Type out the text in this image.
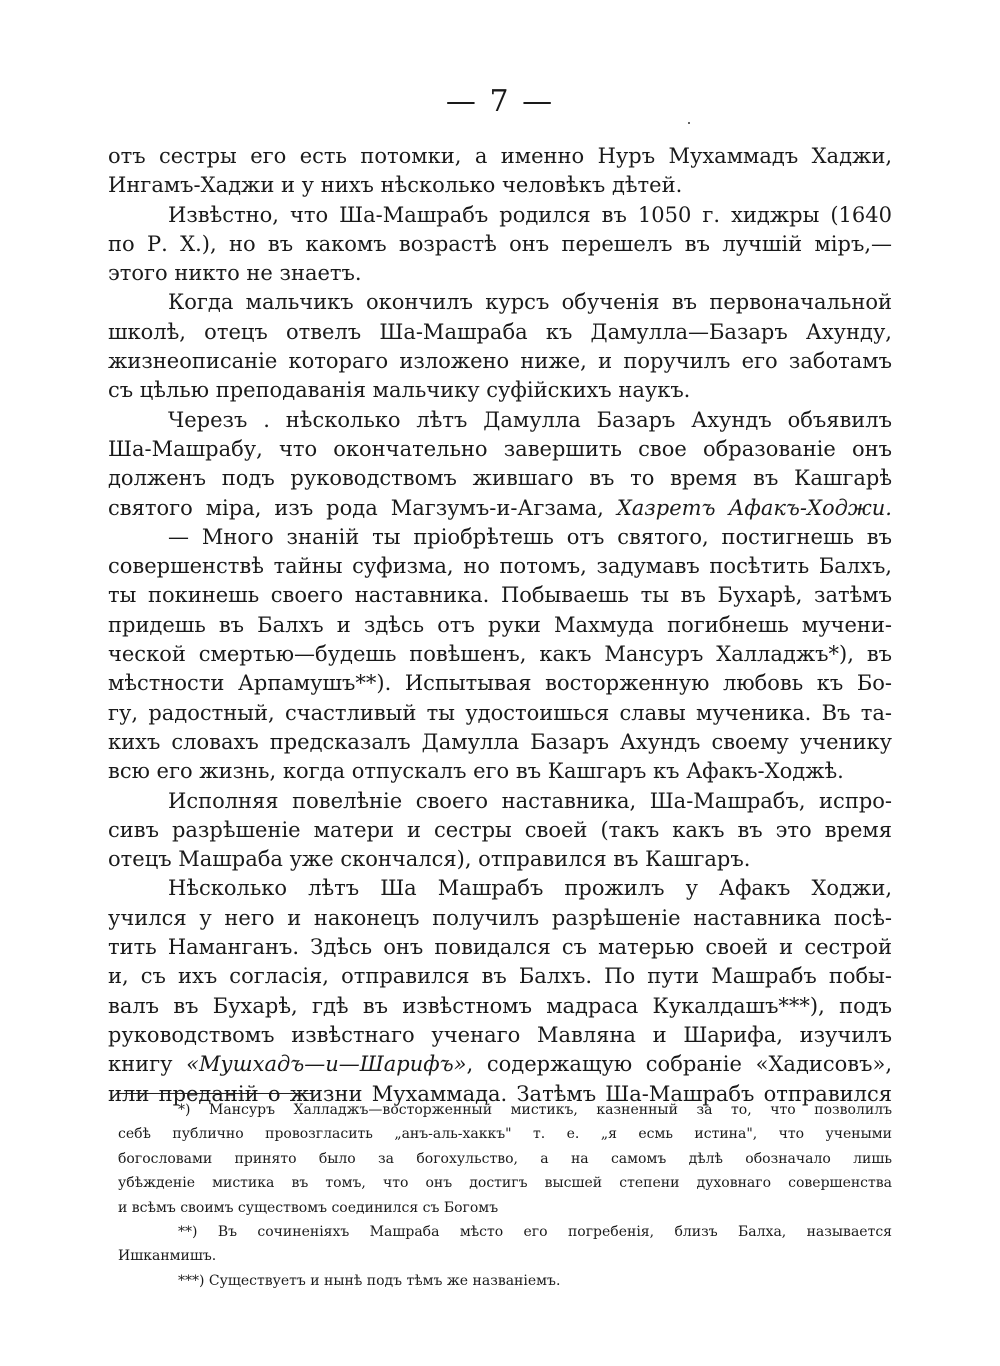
— 7 —
отъ сестры его есть потомки, а именно Нуръ Мухаммадъ Хаджи,
Ингамъ-Хаджи и у нихъ нѣсколько человѣкъ дѣтей.
Извѣстно, что Ша-Машрабъ родился въ 1050 г. хиджры (1640
по Р. Х.), но въ какомъ возрастѣ онъ перешелъ въ лучшій міръ,—
этого никто не знаетъ.
Когда мальчикъ окончилъ курсъ обученія въ первоначальной
школѣ, отецъ отвелъ Ша-Машраба къ Дамулла—Базаръ Ахунду,
жизнеописаніе котораго изложено ниже, и поручилъ его заботамъ
съ цѣлью преподаванія мальчику суфійскихъ наукъ.
Черезъ . нѣсколько лѣтъ Дамулла Базаръ Ахундъ объявилъ
Ша-Машрабу, что окончательно завершить свое образованіе онъ
долженъ подъ руководствомъ жившаго въ то время въ Кашгарѣ
святого міра, изъ рода Магзумъ-и-Агзама, Хазретъ Афакъ-Ходжи.
— Много знаній ты пріобрѣтешь отъ святого, постигнешь въ
совершенствѣ тайны суфизма, но потомъ, задумавъ посѣтить Балхъ,
ты покинешь своего наставника. Побываешь ты въ Бухарѣ, затѣмъ
придешь въ Балхъ и здѣсь отъ руки Махмуда погибнешь мучени-
ческой смертью—будешь повѣшенъ, какъ Мансуръ Халладжъ*), въ
мѣстности Арпамушъ**). Испытывая восторженную любовь къ Бо-
гу, радостный, счастливый ты удостоишься славы мученика. Въ та-
кихъ словахъ предсказалъ Дамулла Базаръ Ахундъ своему ученику
всю его жизнь, когда отпускалъ его въ Кашгаръ къ Афакъ-Ходжѣ.
Исполняя повелѣніе своего наставника, Ша-Машрабъ, испро-
сивъ разрѣшеніе матери и сестры своей (такъ какъ въ это время
отецъ Машраба уже скончался), отправился въ Кашгаръ.
Нѣсколько лѣтъ Ша Машрабъ прожилъ у Афакъ Ходжи,
учился у него и наконецъ получилъ разрѣшеніе наставника посѣ-
тить Наманганъ. Здѣсь онъ повидался съ матерью своей и сестрой
и, съ ихъ согласія, отправился въ Балхъ. По пути Машрабъ побы-
валъ въ Бухарѣ, гдѣ въ извѣстномъ мадраса Кукалдашъ***), подъ
руководствомъ извѣстнаго ученаго Мавляна и Шарифа, изучилъ
книгу «Мушхадъ—и—Шарифъ», содержащую собраніе «Хадисовъ»,
или преданій о жизни Мухаммада. Затѣмъ Ша-Машрабъ отправился
*) Мансуръ Халладжъ—восторженный мистикъ, казненный за то, что позволилъ
себѣ публично провозгласить „анъ-аль-хаккъ" т. е. „я есмь истина", что учеными
богословами принято было за богохульство, а на самомъ дѣлѣ обозначало лишь
убѣжденіе мистика въ томъ, что онъ достигъ высшей степени духовнаго совершенства
и всѣмъ своимъ существомъ соединился съ Богомъ
**) Въ сочиненіяхъ Машраба мѣсто его погребенія, близъ Балха, называется
Ишканмишъ.
***) Существуетъ и нынѣ подъ тѣмъ же названіемъ.
